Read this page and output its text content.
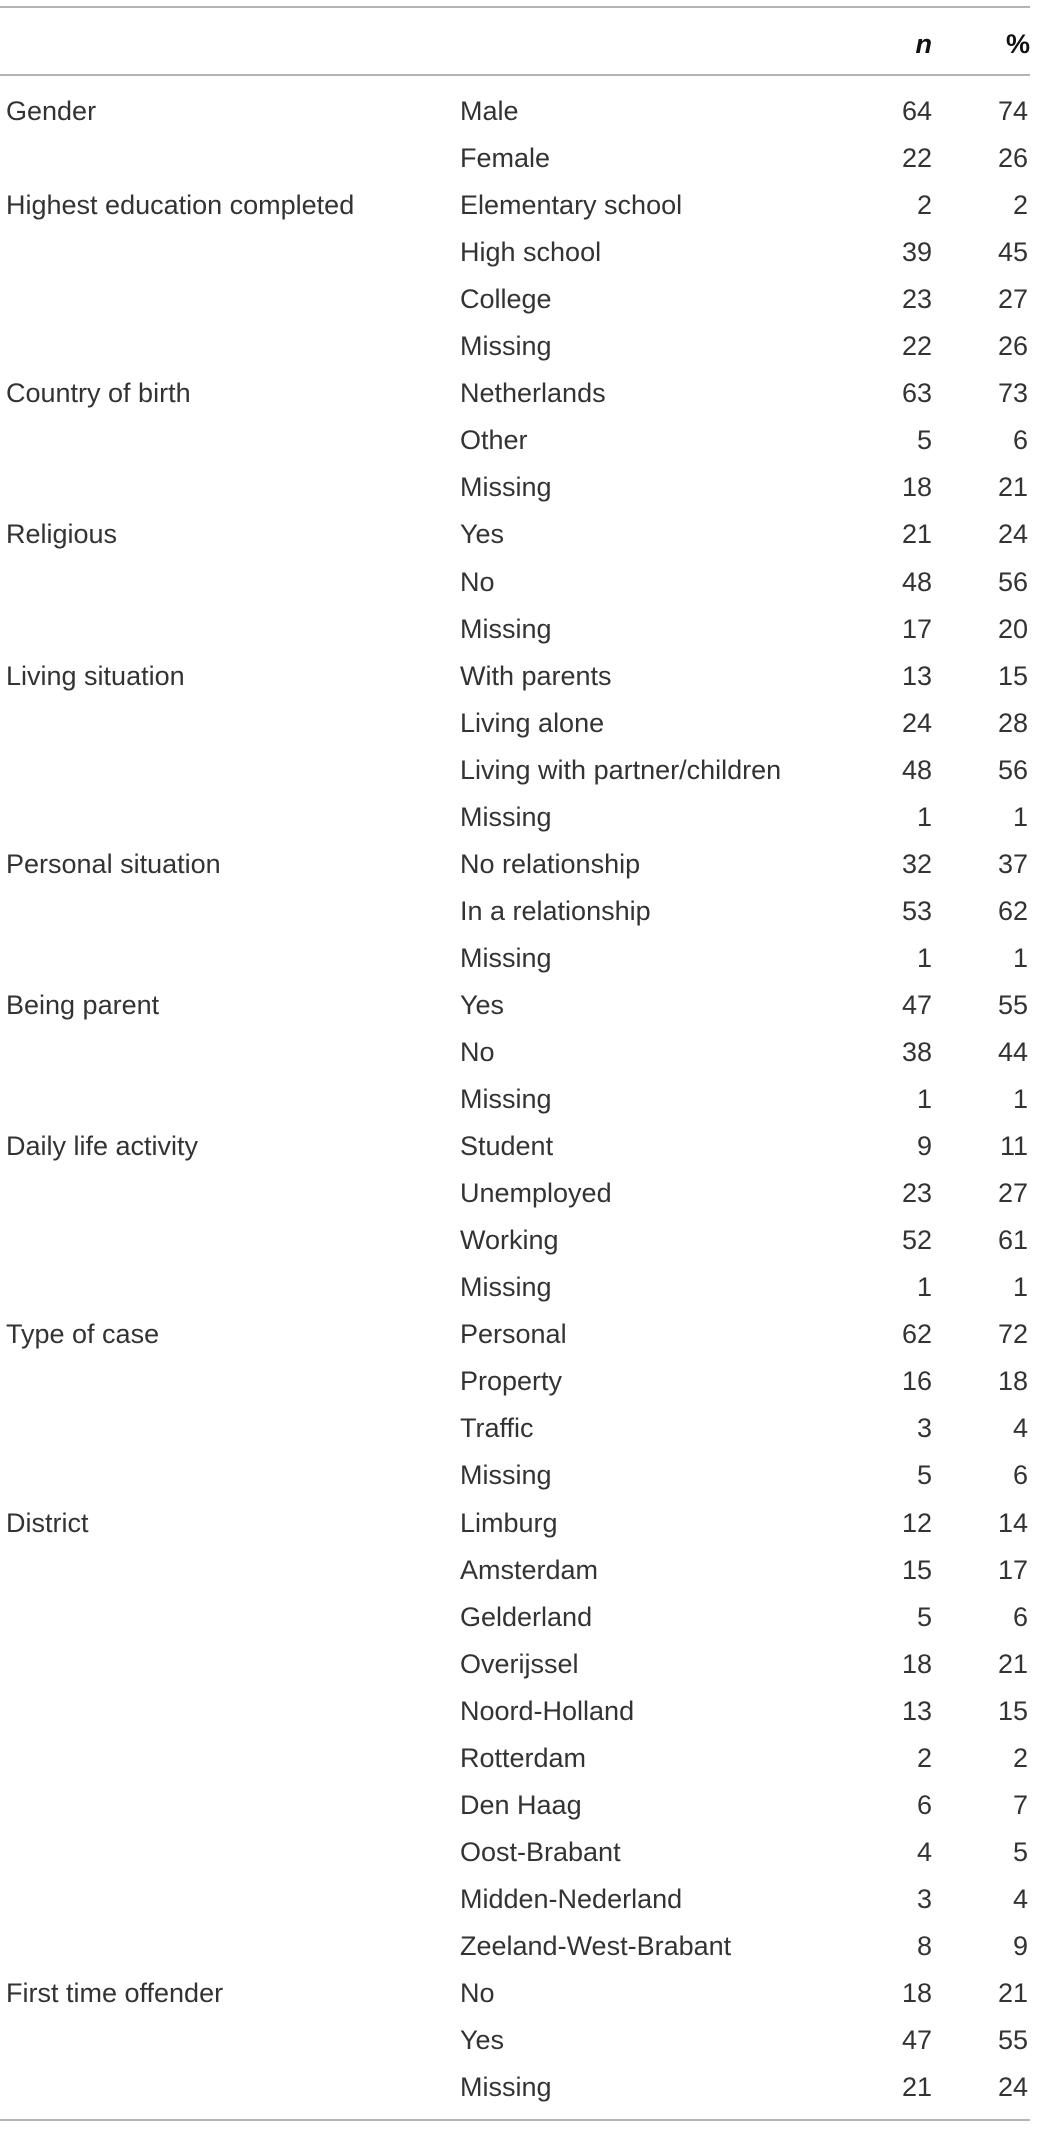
n	%
Gender	Male	64 74
Female	22 26
Highest education completed	Elementary school	2	2
High school	39 45
College	23 27
Missing	22 26
Country of birth	Netherlands	63 73
Other	5	6
Missing	18 21
Religious	Yes	21 24
No	48 56
Missing	17 20
Living situation	With parents	13 15
Living alone	24 28
Living with partner/children	48 56
Missing	1	1
Personal situation	No relationship	32 37
In a relationship	53 62
Missing	1	1
Being parent	Yes	47 55
No	38 44
Missing	1	1
Daily life activity	Student	9	11
Unemployed	23 27
Working	52 61
Missing	1	1
Type of case	Personal	62 72
Property	16 18
Traffic	3	4
Missing	5	6
District	Limburg	12 14
Amsterdam	15 17
Gelderland	5	6
Overijssel	18 21
Noord-Holland	13 15
Rotterdam	2	2
Den Haag	6	7
Oost-Brabant	4	5
Midden-Nederland	3	4
Zeeland-West-Brabant	8	9
First time offender	No	18 21
Yes	47 55
Missing	21 24
